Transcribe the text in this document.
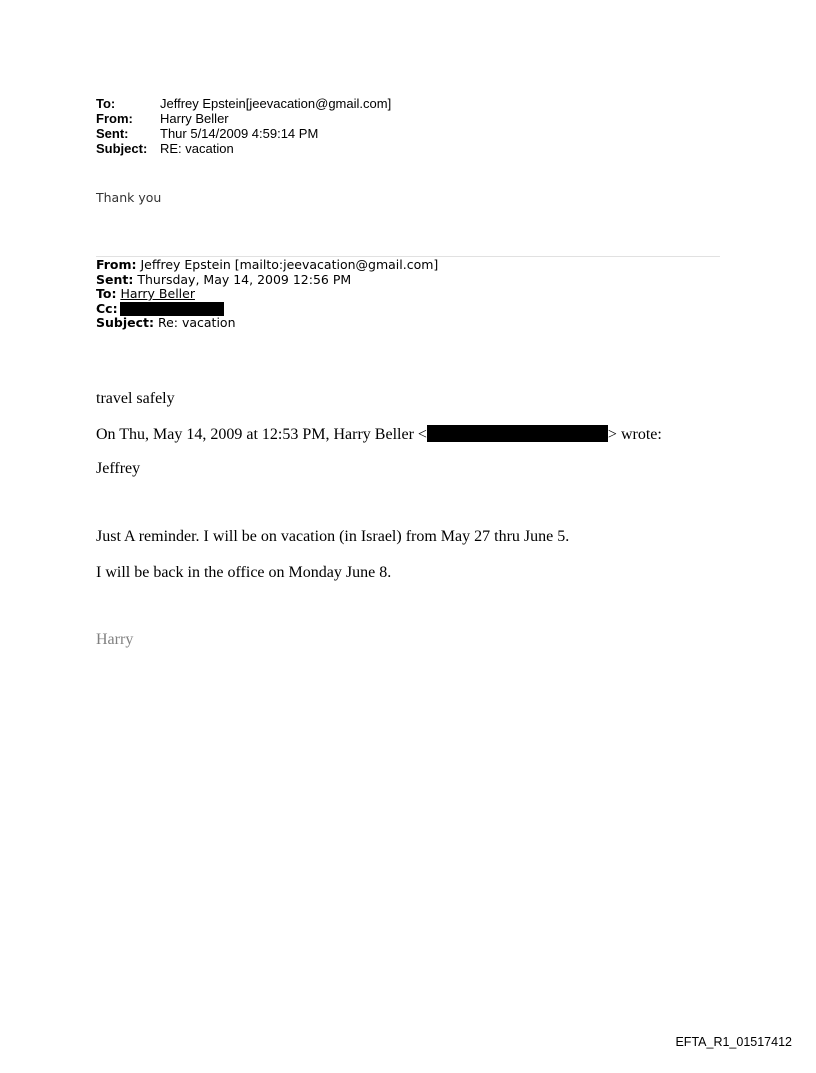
To:	Jeffrey Epstein[jeevacation@gmail.com]
From:	Harry Beller
Sent:	Thur 5/14/2009 4:59:14 PM
Subject: RE: vacation
Thank you
From: Jeffrey Epstein [mailto:jeevacation@gmail.com]
Sent: Thursday, May 14, 2009 12:56 PM
To: Harry Beller
Cc:
Subject: Re: vacation
travel safely
On Thu, May 14, 2009 at 12:53 PM, Harry Beller <	> wrote:
Jeffrey
Just A reminder. I will be on vacation (in Israel) from May 27 thru June 5.
I will be back in the office on Monday June 8.
Harry
EFTA_R1_01517412
